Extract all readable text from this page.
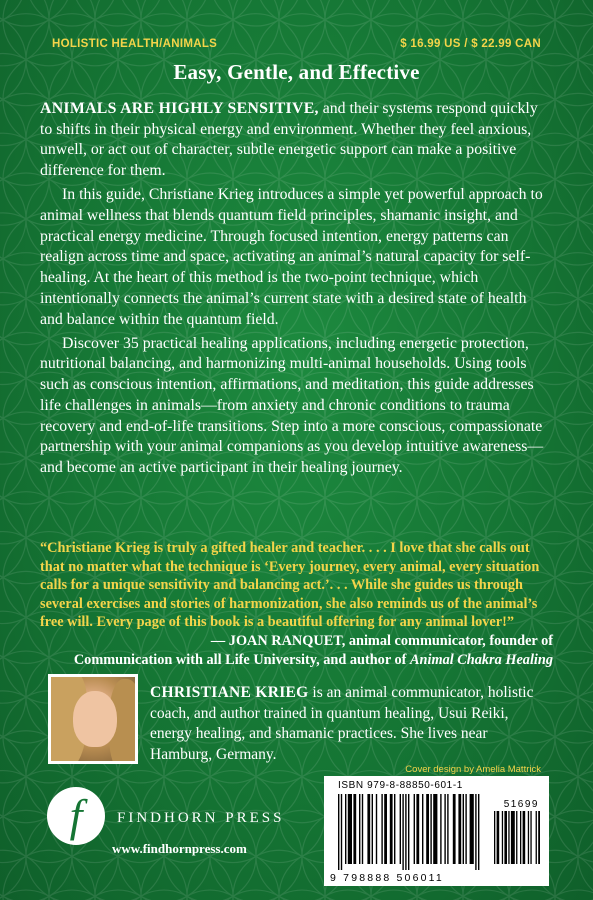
HOLISTIC HEALTH/ANIMALS	$ 16.99 US / $ 22.99 CAN
Easy, Gentle, and Effective

ANIMALS ARE HIGHLY SENSITIVE, and their systems respond quickly to shifts in their physical energy and environment. Whether they feel anxious, unwell, or act out of character, subtle energetic support can make a positive difference for them.

In this guide, Christiane Krieg introduces a simple yet powerful approach to animal wellness that blends quantum field principles, shamanic insight, and practical energy medicine. Through focused intention, energy patterns can realign across time and space, activating an animal’s natural capacity for self-healing. At the heart of this method is the two-point technique, which intentionally connects the animal’s current state with a desired state of health and balance within the quantum field.

Discover 35 practical healing applications, including energetic protection, nutritional balancing, and harmonizing multi-animal households. Using tools such as conscious intention, affirmations, and meditation, this guide addresses life challenges in animals—from anxiety and chronic conditions to trauma recovery and end-of-life transitions. Step into a more conscious, compassionate partnership with your animal companions as you develop intuitive awareness—and become an active participant in their healing journey.

“Christiane Krieg is truly a gifted healer and teacher. . . . I love that she calls out that no matter what the technique is ‘Every journey, every animal, every situation calls for a unique sensitivity and balancing act.’. . . While she guides us through several exercises and stories of harmonization, she also reminds us of the animal’s free will. Every page of this book is a beautiful offering for any animal lover!”
— JOAN RANQUET, animal communicator, founder of
Communication with all Life University, and author of Animal Chakra Healing
CHRISTIANE KRIEG is an animal communicator, holistic coach, and author trained in quantum healing, Usui Reiki, energy healing, and shamanic practices. She lives near Hamburg, Germany.
Cover design by Amelia Mattrick
f FINDHORN PRESS
www.findhornpress.com
ISBN 979-8-88850-601-1
51699
9 798888 506011
